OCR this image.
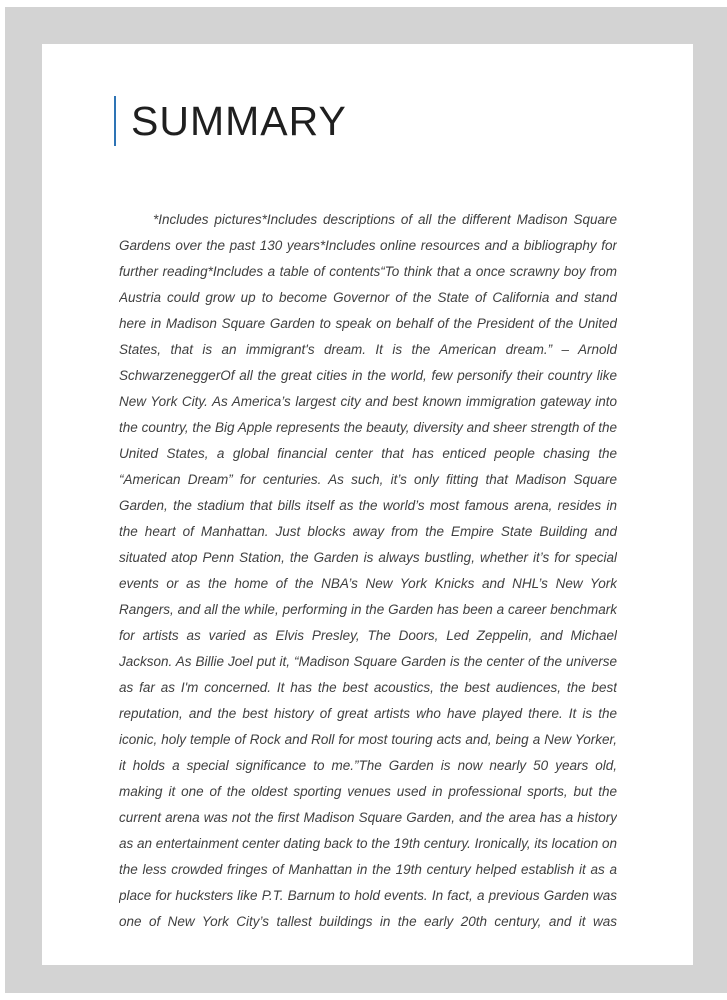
SUMMARY

*Includes pictures*Includes descriptions of all the different Madison Square Gardens over the past 130 years*Includes online resources and a bibliography for further reading*Includes a table of contents“To think that a once scrawny boy from Austria could grow up to become Governor of the State of California and stand here in Madison Square Garden to speak on behalf of the President of the United States, that is an immigrant's dream. It is the American dream.” – Arnold SchwarzeneggerOf all the great cities in the world, few personify their country like New York City. As America’s largest city and best known immigration gateway into the country, the Big Apple represents the beauty, diversity and sheer strength of the United States, a global financial center that has enticed people chasing the “American Dream” for centuries. As such, it’s only fitting that Madison Square Garden, the stadium that bills itself as the world’s most famous arena, resides in the heart of Manhattan. Just blocks away from the Empire State Building and situated atop Penn Station, the Garden is always bustling, whether it’s for special events or as the home of the NBA’s New York Knicks and NHL’s New York Rangers, and all the while, performing in the Garden has been a career benchmark for artists as varied as Elvis Presley, The Doors, Led Zeppelin, and Michael Jackson. As Billie Joel put it, “Madison Square Garden is the center of the universe as far as I'm concerned. It has the best acoustics, the best audiences, the best reputation, and the best history of great artists who have played there. It is the iconic, holy temple of Rock and Roll for most touring acts and, being a New Yorker, it holds a special significance to me.”The Garden is now nearly 50 years old, making it one of the oldest sporting venues used in professional sports, but the current arena was not the first Madison Square Garden, and the area has a history as an entertainment center dating back to the 19th century. Ironically, its location on the less crowded fringes of Manhattan in the 19th century helped establish it as a place for hucksters like P.T. Barnum to hold events. In fact, a previous Garden was one of New York City’s tallest buildings in the early 20th century, and it was
